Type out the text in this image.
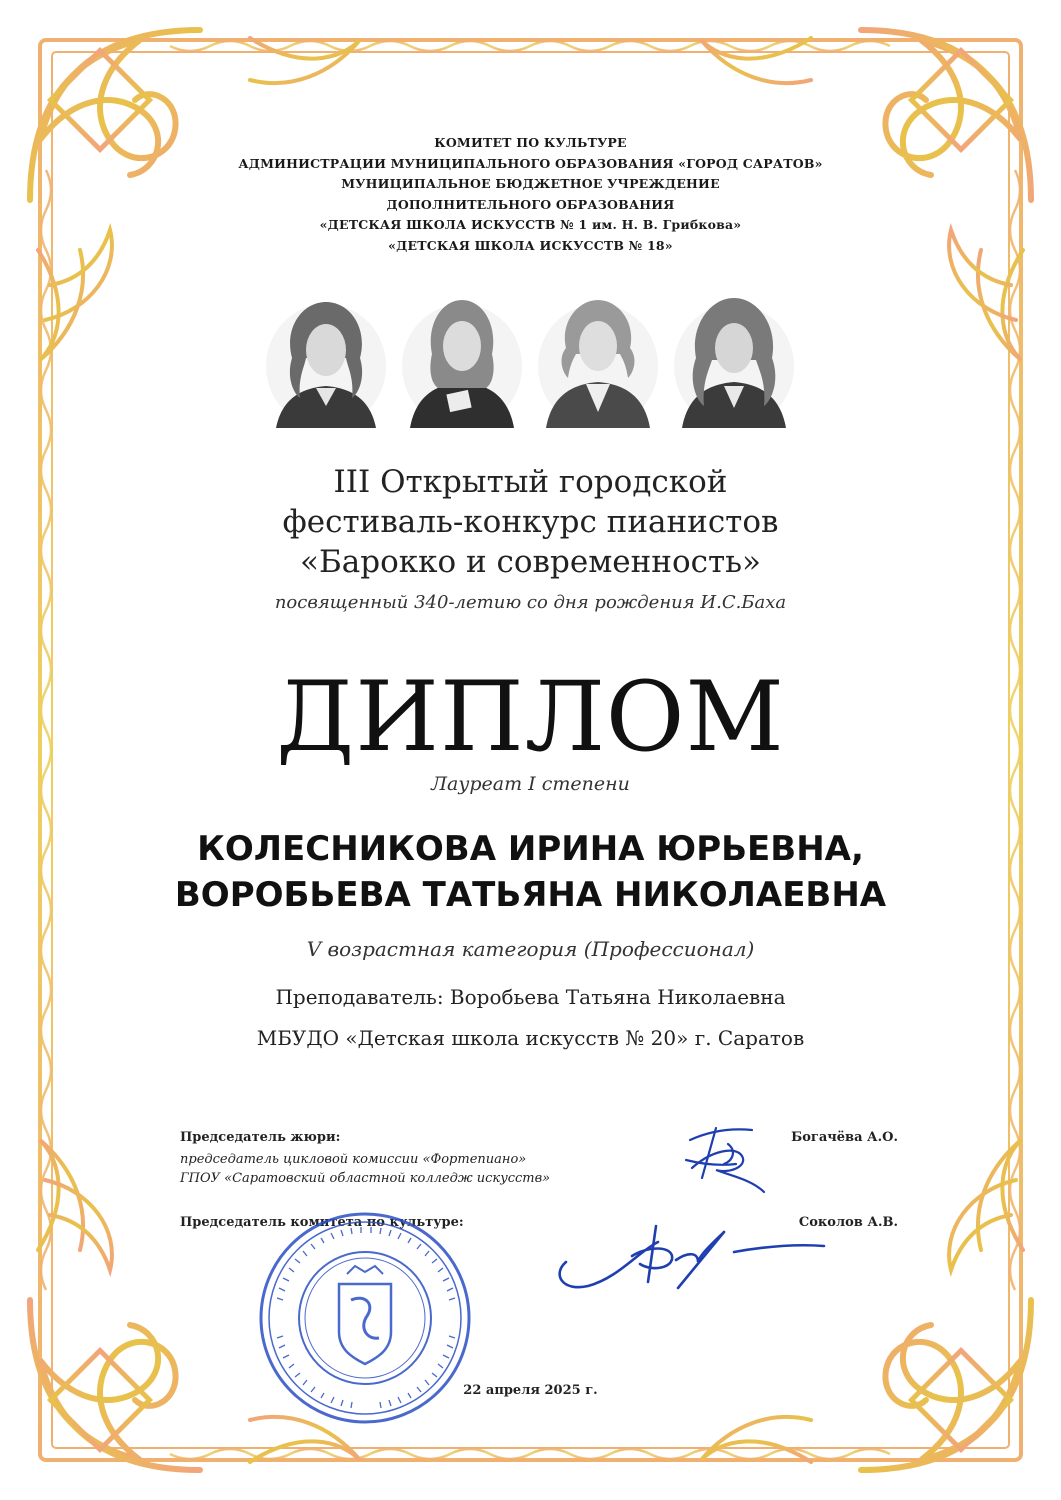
КОМИТЕТ ПО КУЛЬТУРЕ
АДМИНИСТРАЦИИ МУНИЦИПАЛЬНОГО ОБРАЗОВАНИЯ «ГОРОД САРАТОВ»
МУНИЦИПАЛЬНОЕ БЮДЖЕТНОЕ УЧРЕЖДЕНИЕ
ДОПОЛНИТЕЛЬНОГО ОБРАЗОВАНИЯ
«ДЕТСКАЯ ШКОЛА ИСКУССТВ № 1 им. Н. В. Грибкова»
«ДЕТСКАЯ ШКОЛА ИСКУССТВ № 18»
III Открытый городской
фестиваль-конкурс пианистов
«Барокко и современность»
посвященный 340-летию со дня рождения И.С.Баха
ДИПЛОМ
Лауреат I степени
КОЛЕСНИКОВА ИРИНА ЮРЬЕВНА,
ВОРОБЬЕВА ТАТЬЯНА НИКОЛАЕВНА
V возрастная категория (Профессионал)
Преподаватель: Воробьева Татьяна Николаевна
МБУДО «Детская школа искусств № 20» г. Саратов
Председатель жюри:
председатель цикловой комиссии «Фортепиано»
ГПОУ «Саратовский областной колледж искусств»
Богачёва А.О.
Председатель комитета по культуре:	Соколов А.В.
22 апреля 2025 г.
